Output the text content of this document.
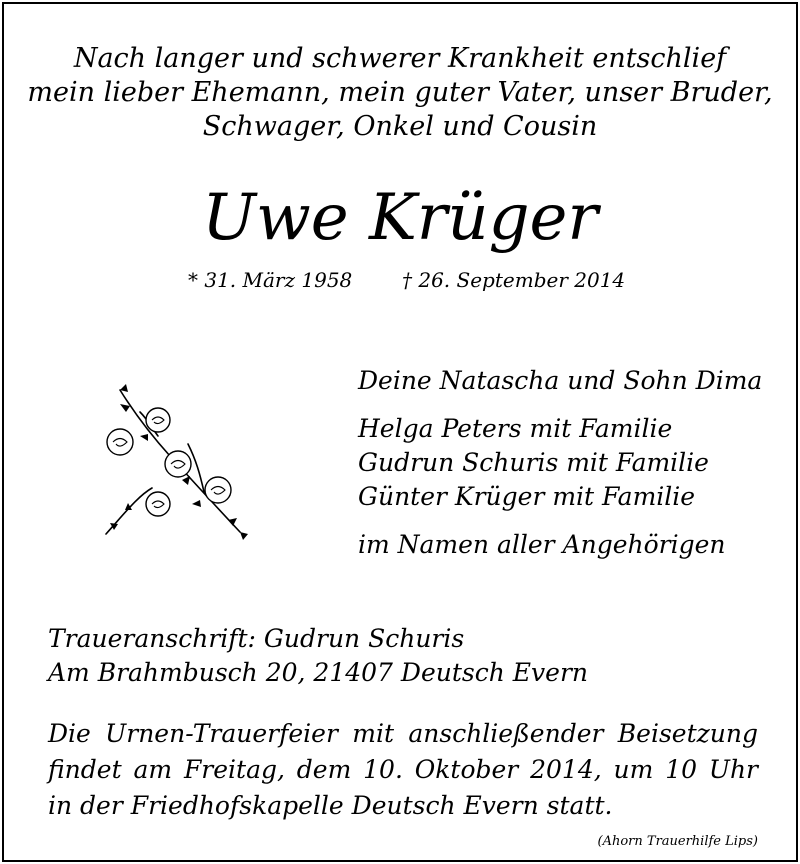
Nach langer und schwerer Krankheit entschlief
mein lieber Ehemann, mein guter Vater, unser Bruder,
Schwager, Onkel und Cousin
Uwe Krüger
* 31. März 1958 † 26. September 2014
Deine Natascha und Sohn Dima
Helga Peters mit Familie
Gudrun Schuris mit Familie
Günter Krüger mit Familie
im Namen aller Angehörigen
Traueranschrift: Gudrun Schuris
Am Brahmbusch 20, 21407 Deutsch Evern
Die Urnen-Trauerfeier mit anschließender Beisetzung
findet am Freitag, dem 10. Oktober 2014, um 10 Uhr
in der Friedhofskapelle Deutsch Evern statt.
(Ahorn Trauerhilfe Lips)
